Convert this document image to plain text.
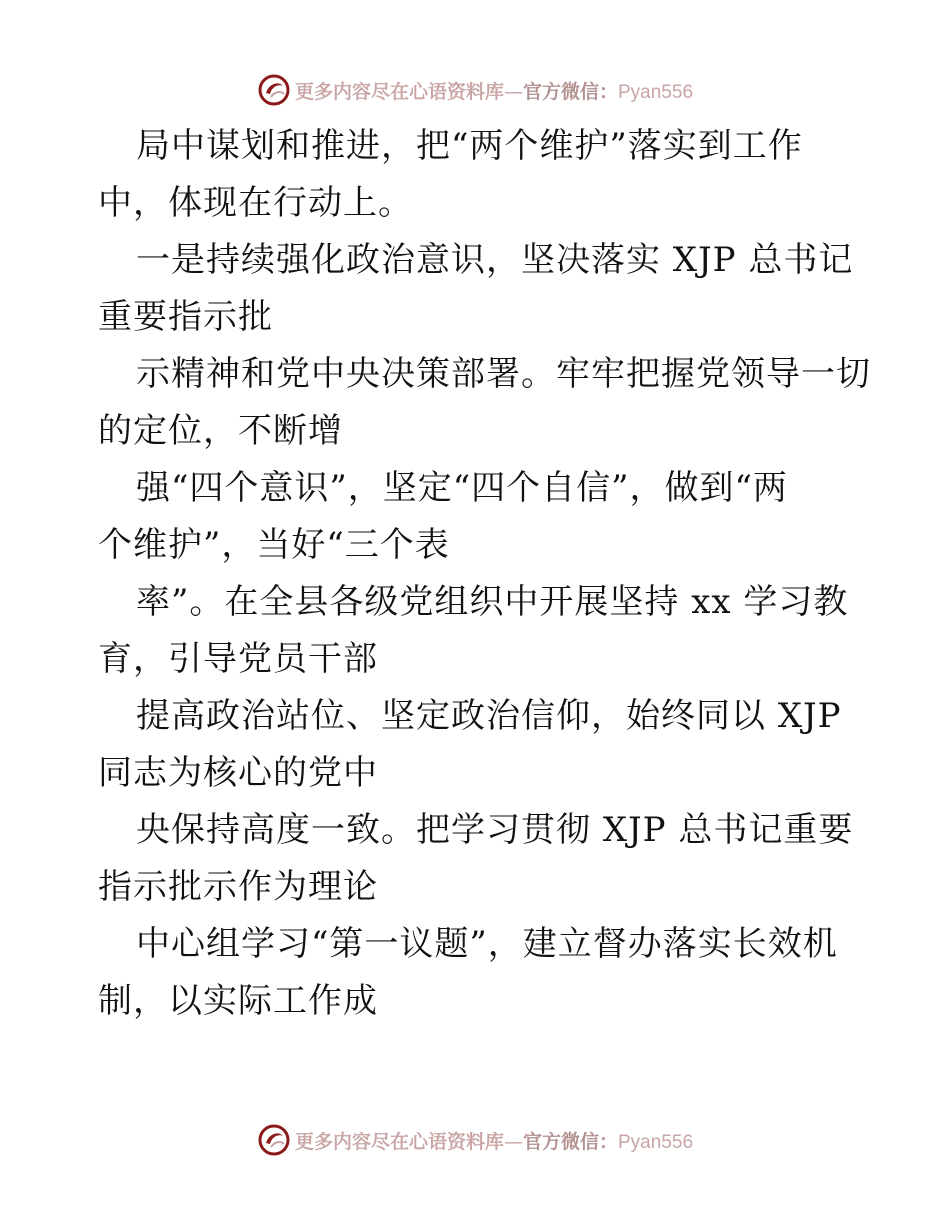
更多内容尽在心语资料库—官方微信：Pyan556
局中谋划和推进，把“两个维护”落实到工作
中，体现在行动上。
一是持续强化政治意识，坚决落实 XJP 总书记
重要指示批
示精神和党中央决策部署。牢牢把握党领导一切
的定位，不断增
强“四个意识”，坚定“四个自信”，做到“两
个维护”，当好“三个表
率”。在全县各级党组织中开展坚持 xx 学习教
育，引导党员干部
提高政治站位、坚定政治信仰，始终同以 XJP
同志为核心的党中
央保持高度一致。把学习贯彻 XJP 总书记重要
指示批示作为理论
中心组学习“第一议题”，建立督办落实长效机
制，以实际工作成
更多内容尽在心语资料库—官方微信：Pyan556
